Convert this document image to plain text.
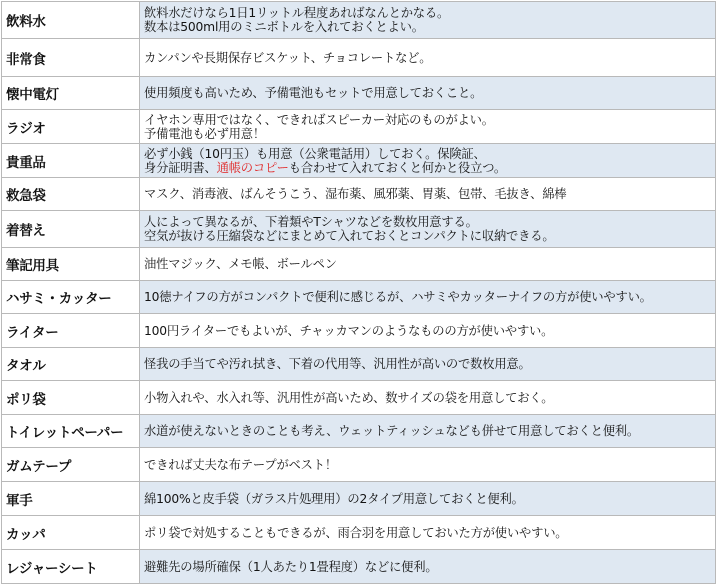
飲料水	飲料水だけなら1日1リットル程度あればなんとかなる。
数本は500ml用のミニボトルを入れておくとよい。

非常食	カンパンや長期保存ビスケット、チョコレートなど。

懐中電灯	使用頻度も高いため、予備電池もセットで用意しておくこと。

ラジオ	イヤホン専用ではなく、できればスピーカー対応のものがよい。
予備電池も必ず用意！

貴重品	必ず小銭（10円玉）も用意（公衆電話用）しておく。保険証、
身分証明書、通帳のコピーも合わせて入れておくと何かと役立つ。

救急袋	マスク、消毒液、ばんそうこう、湿布薬、風邪薬、胃薬、包帯、毛抜き、綿棒

着替え	人によって異なるが、下着類やTシャツなどを数枚用意する。
空気が抜ける圧縮袋などにまとめて入れておくとコンパクトに収納できる。

筆記用具	油性マジック、メモ帳、ボールペン

ハサミ・カッター	10徳ナイフの方がコンパクトで便利に感じるが、ハサミやカッターナイフの方が使いやすい。

ライター	100円ライターでもよいが、チャッカマンのようなものの方が使いやすい。

タオル	怪我の手当てや汚れ拭き、下着の代用等、汎用性が高いので数枚用意。

ポリ袋	小物入れや、水入れ等、汎用性が高いため、数サイズの袋を用意しておく。

トイレットペーパー	水道が使えないときのことも考え、ウェットティッシュなども併せて用意しておくと便利。

ガムテープ	できれば丈夫な布テープがベスト！

軍手	綿100%と皮手袋（ガラス片処理用）の2タイプ用意しておくと便利。

カッパ	ポリ袋で対処することもできるが、雨合羽を用意しておいた方が使いやすい。

レジャーシート	避難先の場所確保（1人あたり1畳程度）などに便利。
